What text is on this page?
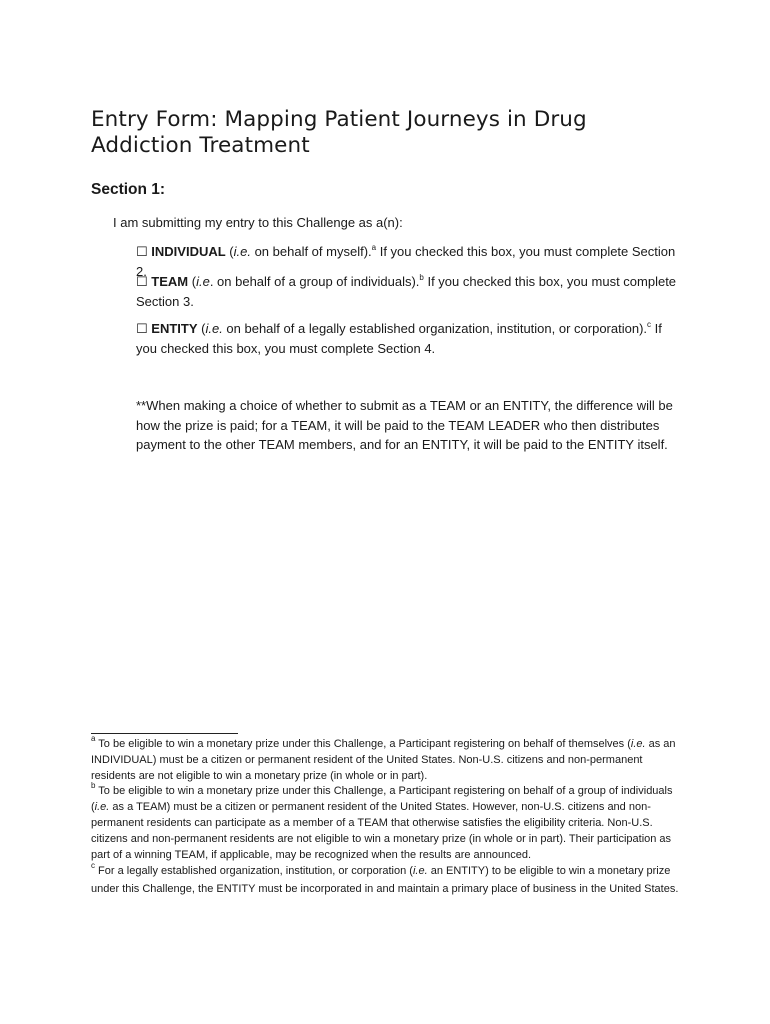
Entry Form: Mapping Patient Journeys in Drug Addiction Treatment
Section 1:
I am submitting my entry to this Challenge as a(n):
☐ INDIVIDUAL (i.e. on behalf of myself).$^a$ If you checked this box, you must complete Section 2.
☐ TEAM (i.e. on behalf of a group of individuals).$^b$ If you checked this box, you must complete Section 3.
☐ ENTITY (i.e. on behalf of a legally established organization, institution, or corporation).$^c$ If you checked this box, you must complete Section 4.
**When making a choice of whether to submit as a TEAM or an ENTITY, the difference will be how the prize is paid; for a TEAM, it will be paid to the TEAM LEADER who then distributes payment to the other TEAM members, and for an ENTITY, it will be paid to the ENTITY itself.

$^a$ To be eligible to win a monetary prize under this Challenge, a Participant registering on behalf of themselves (i.e. as an INDIVIDUAL) must be a citizen or permanent resident of the United States. Non-U.S. citizens and non-permanent residents are not eligible to win a monetary prize (in whole or in part).

$^b$ To be eligible to win a monetary prize under this Challenge, a Participant registering on behalf of a group of individuals (i.e. as a TEAM) must be a citizen or permanent resident of the United States. However, non-U.S. citizens and non-permanent residents can participate as a member of a TEAM that otherwise satisfies the eligibility criteria. Non-U.S. citizens and non-permanent residents are not eligible to win a monetary prize (in whole or in part). Their participation as part of a winning TEAM, if applicable, may be recognized when the results are announced.

$^c$ For a legally established organization, institution, or corporation (i.e. an ENTITY) to be eligible to win a monetary prize under this Challenge, the ENTITY must be incorporated in and maintain a primary place of business in the United States.
